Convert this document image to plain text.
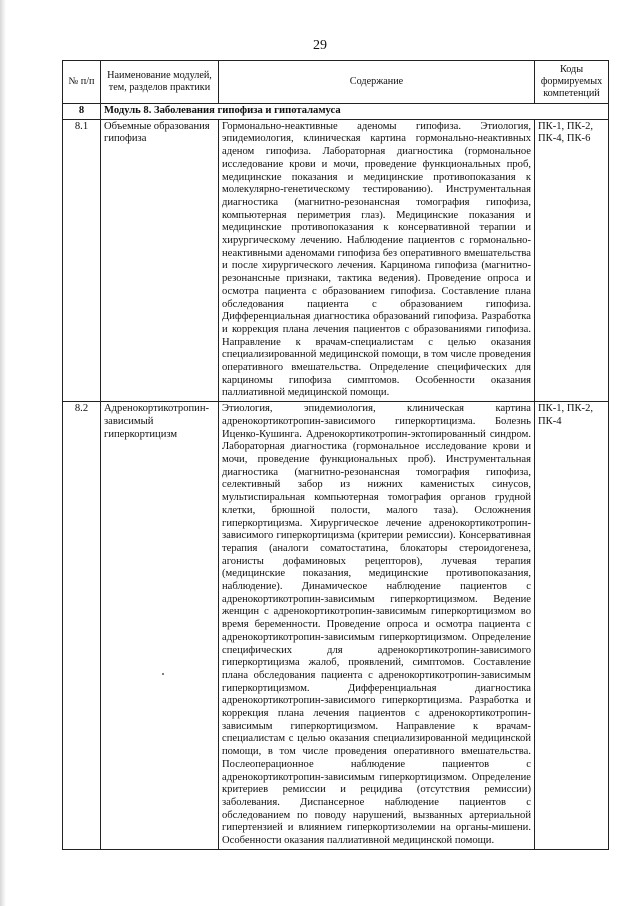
29
№ п/п	Наименование модулей, тем, разделов практики	Содержание	Коды формируемых компетенций
8	Модуль 8. Заболевания гипофиза и гипоталамуса		
8.1	Объемные образования гипофиза	Гормонально-неактивные аденомы гипофиза. Этиология, эпидемиология, клиническая картина гормонально-неактивных аденом гипофиза. Лабораторная диагностика (гормональное исследование крови и мочи, проведение функциональных проб, медицинские показания и медицинские противопоказания к молекулярно-генетическому тестированию). Инструментальная диагностика (магнитно-резонансная томография гипофиза, компьютерная периметрия глаз). Медицинские показания и медицинские противопоказания к консервативной терапии и хирургическому лечению. Наблюдение пациентов с гормонально-неактивными аденомами гипофиза без оперативного вмешательства и после хирургического лечения. Карцинома гипофиза (магнитно-резонансные признаки, тактика ведения). Проведение опроса и осмотра пациента с образованием гипофиза. Составление плана обследования пациента с образованием гипофиза. Дифференциальная диагностика образований гипофиза. Разработка и коррекция плана лечения пациентов с образованиями гипофиза. Направление к врачам-специалистам с целью оказания специализированной медицинской помощи, в том числе проведения оперативного вмешательства. Определение специфических для карциномы гипофиза симптомов. Особенности оказания паллиативной медицинской помощи.	ПК-1, ПК-2, ПК-4, ПК-6
8.2	Адренокортикотропин-зависимый гиперкортицизм	Этиология, эпидемиология, клиническая картина адренокортикотропин-зависимого гиперкортицизма. Болезнь Иценко-Кушинга. Адренокортикотропин-эктопированный синдром. Лабораторная диагностика (гормональное исследование крови и мочи, проведение функциональных проб). Инструментальная диагностика (магнитно-резонансная томография гипофиза, селективный забор из нижних каменистых синусов, мультиспиральная компьютерная томография органов грудной клетки, брюшной полости, малого таза). Осложнения гиперкортицизма. Хирургическое лечение адренокортикотропин-зависимого гиперкортицизма (критерии ремиссии). Консервативная терапия (аналоги соматостатина, блокаторы стероидогенеза, агонисты дофаминовых рецепторов), лучевая терапия (медицинские показания, медицинские противопоказания, наблюдение). Динамическое наблюдение пациентов с адренокортикотропин-зависимым гиперкортицизмом. Ведение женщин с адренокортикотропин-зависимым гиперкортицизмом во время беременности. Проведение опроса и осмотра пациента с адренокортикотропин-зависимым гиперкортицизмом. Определение специфических для адренокортикотропин-зависимого гиперкортицизма жалоб, проявлений, симптомов. Составление плана обследования пациента с адренокортикотропин-зависимым гиперкортицизмом. Дифференциальная диагностика адренокортикотропин-зависимого гиперкортицизма. Разработка и коррекция плана лечения пациентов с адренокортикотропин-зависимым гиперкортицизмом. Направление к врачам-специалистам с целью оказания специализированной медицинской помощи, в том числе проведения оперативного вмешательства. Послеоперационное наблюдение пациентов с адренокортикотропин-зависимым гиперкортицизмом. Определение критериев ремиссии и рецидива (отсутствия ремиссии) заболевания. Диспансерное наблюдение пациентов с обследованием по поводу нарушений, вызванных артериальной гипертензией и влиянием гиперкортизолемии на органы-мишени. Особенности оказания паллиативной медицинской помощи.	ПК-1, ПК-2, ПК-4
